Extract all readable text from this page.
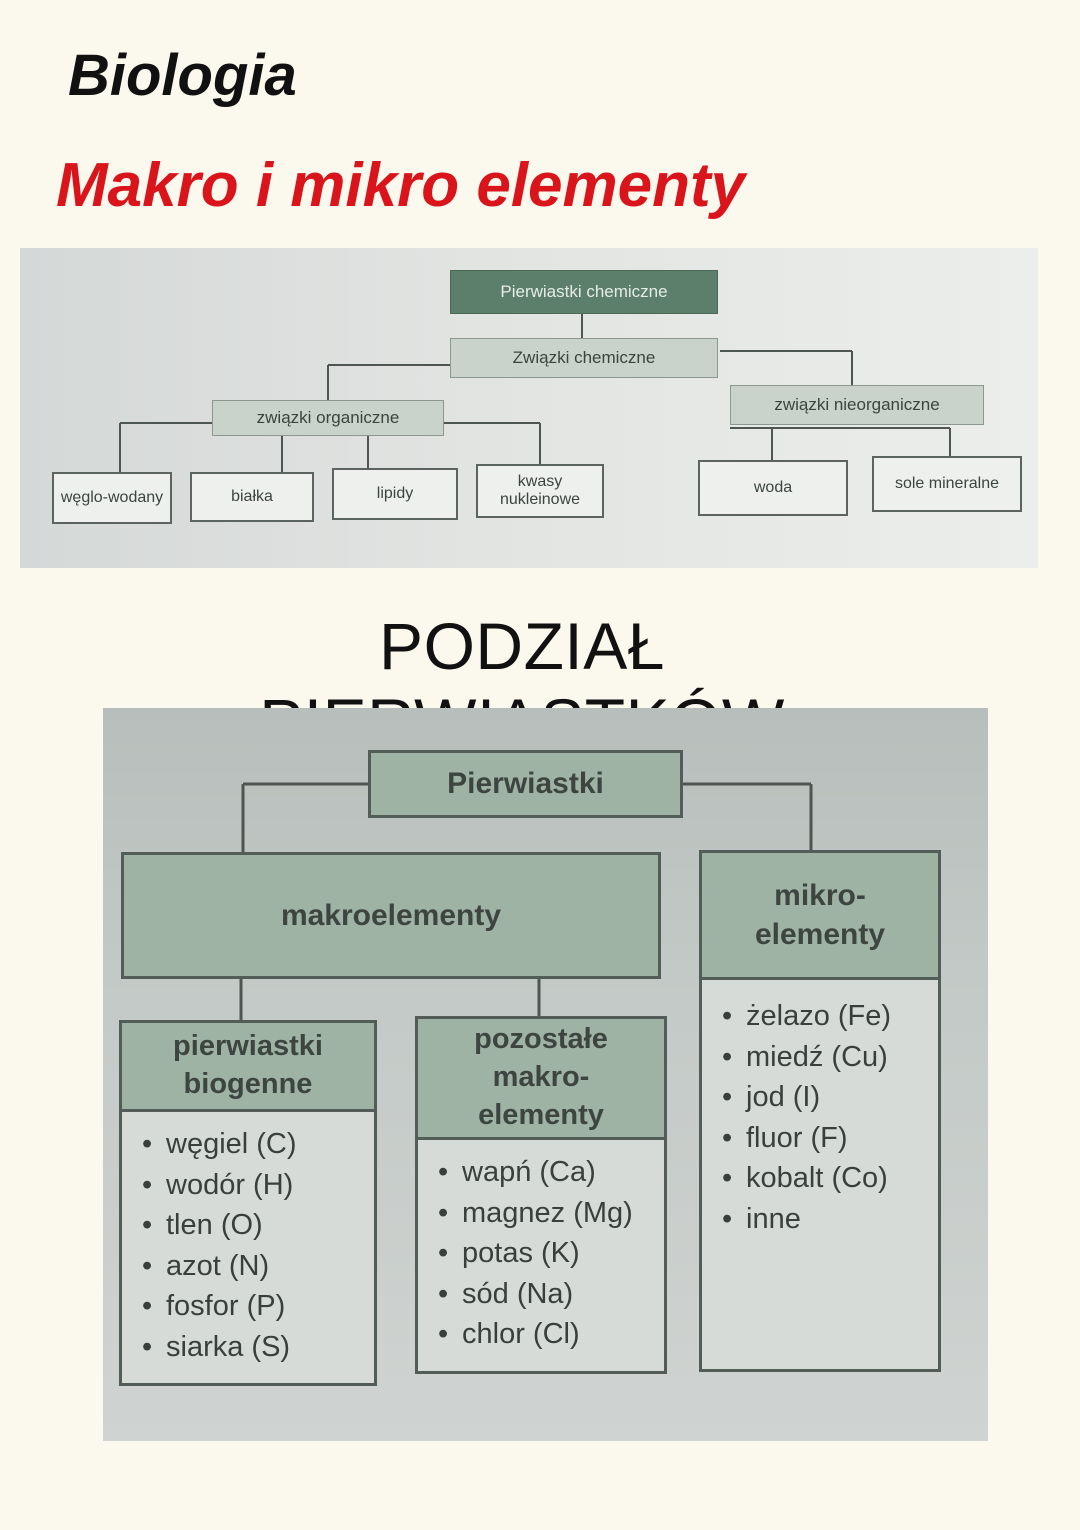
Biologia
Makro i mikro elementy
Pierwiastki chemiczne
Związki chemiczne
związki organiczne
związki nieorganiczne
węglo-wodany	białka	lipidy
kwasy nukleinowe
woda	sole mineralne
PODZIAŁ
Pierwiastki
makroelementy
mikro-elementy
• żelazo (Fe)
• miedź (Cu)
• jod (I)
• fluor (F)
• kobalt (Co)
• inne
pierwiastki biogenne
• węgiel (C)
• wodór (H)
• tlen (O)
• azot (N)
• fosfor (P)
• siarka (S)
pozostałe makro-elementy
• wapń (Ca)
• magnez (Mg)
• potas (K)
• sód (Na)
• chlor (Cl)
